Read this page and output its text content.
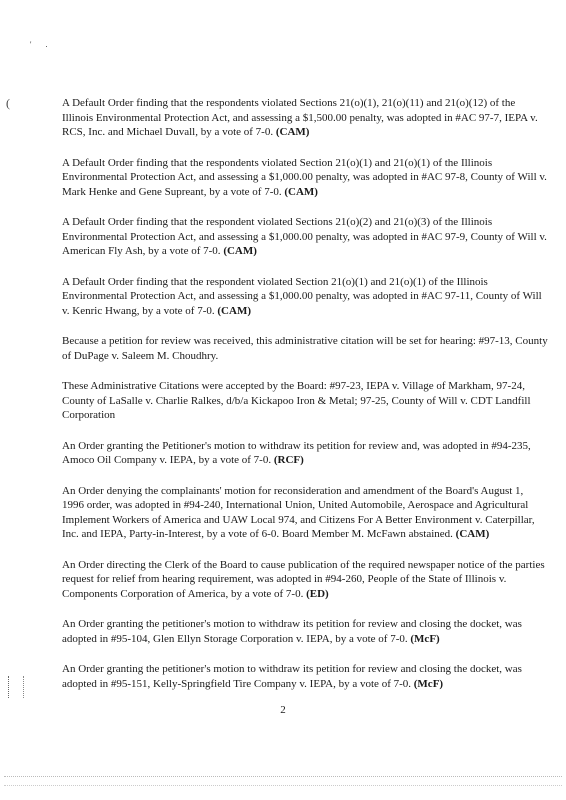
' .
(	A Default Order finding that the respondents violated Sections 21(o)(1), 21(o)(11) and 21(o)(12) of the Illinois Environmental Protection Act, and assessing a $1,500.00 penalty, was adopted in #AC 97-7, IEPA v. RCS, Inc. and Michael Duvall, by a vote of 7-0. (CAM)

A Default Order finding that the respondents violated Section 21(o)(1) and 21(o)(1) of the Illinois Environmental Protection Act, and assessing a $1,000.00 penalty, was adopted in #AC 97-8, County of Will v. Mark Henke and Gene Supreant, by a vote of 7-0. (CAM)

A Default Order finding that the respondent violated Sections 21(o)(2) and 21(o)(3) of the Illinois Environmental Protection Act, and assessing a $1,000.00 penalty, was adopted in #AC 97-9, County of Will v. American Fly Ash, by a vote of 7-0. (CAM)

A Default Order finding that the respondent violated Section 21(o)(1) and 21(o)(1) of the Illinois Environmental Protection Act, and assessing a $1,000.00 penalty, was adopted in #AC 97-11, County of Will v. Kenric Hwang, by a vote of 7-0. (CAM)

Because a petition for review was received, this administrative citation will be set for hearing: #97-13, County of DuPage v. Saleem M. Choudhry.

These Administrative Citations were accepted by the Board: #97-23, IEPA v. Village of Markham, 97-24, County of LaSalle v. Charlie Ralkes, d/b/a Kickapoo Iron & Metal; 97-25, County of Will v. CDT Landfill Corporation

An Order granting the Petitioner's motion to withdraw its petition for review and, was adopted in #94-235, Amoco Oil Company v. IEPA, by a vote of 7-0. (RCF)

An Order denying the complainants' motion for reconsideration and amendment of the Board's August 1, 1996 order, was adopted in #94-240, International Union, United Automobile, Aerospace and Agricultural Implement Workers of America and UAW Local 974, and Citizens For A Better Environment v. Caterpillar, Inc. and IEPA, Party-in-Interest, by a vote of 6-0. Board Member M. McFawn abstained. (CAM)

An Order directing the Clerk of the Board to cause publication of the required newspaper notice of the parties request for relief from hearing requirement, was adopted in #94-260, People of the State of Illinois v. Components Corporation of America, by a vote of 7-0. (ED)

An Order granting the petitioner's motion to withdraw its petition for review and closing the docket, was adopted in #95-104, Glen Ellyn Storage Corporation v. IEPA, by a vote of 7-0. (McF)

An Order granting the petitioner's motion to withdraw its petition for review and closing the docket, was adopted in #95-151, Kelly-Springfield Tire Company v. IEPA, by a vote of 7-0. (McF)

2
